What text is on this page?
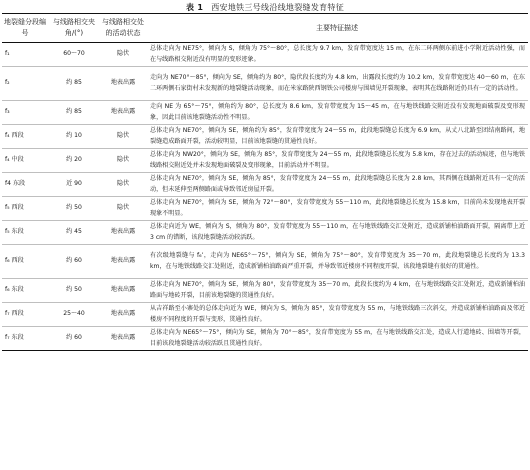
表 1 西安地铁三号线沿线地裂缝发育特征
地裂缝分段编号	与线路相交夹角/(°)	与线路相交处的活动状态	主要特征描述
f₁	60～70	隐伏	总体走向为 NE75°，倾向为 S，倾角为 75°～80°，总长度为 9.7 km，发育带宽度达 15 m，在东二环两侧东前进小学附近活动性强，而在与线路相交附近没有明显的变形迹象。
f₂	约 85	地表出露	走向为 NE70°～85°，倾向为 SE，倾角约为 80°，隐伏段长度约为 4.8 km，出露段长度约为 10.2 km，发育带宽度达 40～60 m，在东二环两侧石家街村未发现新的地裂缝活动现象，而在米家路陕西钢铁公司楼房与围墙见开裂现象，表明其在线路附近仍具有一定的活动性。
f₃	约 85	地表出露	走向 NE 为 65°～75°，倾角约为 80°，总长度为 8.6 km，发育带宽度为 15～45 m，在与地铁线路交附近没有发现地面破裂及变形现象，因此目前该地裂缝活动性不明显。
f₄ 西段	约 10	隐伏	总体走向为 NE70°，倾向为 SE，倾角约为 85°，发育带宽度为 24～55 m，此段地裂缝总长度为 6.9 km，从丈八北路至团结南路间，地裂缝造成路面开裂，活动较明显，目前该地裂缝的贯通性良好。
f₄ 中段	约 20	隐伏	总体走向为 NW20°，倾向为 SE，倾角为 85°，发育带宽度为 24～55 m，此段地裂缝总长度为 5.8 km，存在过去的活动痕迹，但与地铁线路相交附近处并未发现地面破裂及变形现象，目前活动并不明显。
f4 东段	近 90	隐伏	总体走向为 NE70°，倾向为 SE，倾角为 85°，发育带宽度为 24～55 m，此段地裂缝总长度为 2.8 km，其西侧在线路附近具有一定的活动，但未延伸至两侧路面或导致邻近房屋开裂。
f₅ 西段	约 50	隐伏	总体走向为 NE70°，倾向为 SE，倾角为 72°～80°，发育带宽度为 55～110 m，此段地裂缝总长度为 15.8 km，目前尚未发现地表开裂现象不明显。
f₅ 东段	约 45	地表出露	总体走向近为 WE，倾向为 S，倾角为 80°，发育带宽度为 55～110 m，在与地铁线路交汇处附近，造成新铺柏油路面开裂，隔离带上近 3 cm 的错断，该段地裂缝活动较活跃。
f₆ 西段	约 60	地表出露	有次级地裂缝与 f₆’，走向为 NE65°～75°，倾向为 SE，倾角为 75°～80°，发育带宽度为 35～70 m，此段地裂缝总长度约为 13.3 km，在与地铁线路交汇处附近，造成新铺柏油路面严重开裂，并导致邻近楼房不同程度开裂，该段地裂缝有很好的贯通性。
f₆ 东段	约 50	地表出露	总体走向为 NE70°，倾向为 SE，倾角为 80°，发育带宽度为 35～70 m，此段长度约为 4 km，在与地铁线路交汇处附近，造成新铺柏油路面与地砖开裂，目前该地裂缝的贯通性良好。
f₇ 西段	25～40	地表出露	从吉祥路至小寨处的总体走向近为 WE，倾向为 S，倾角为 85°，发育带宽度为 55 m，与地铁线路三次斜交，并造成新铺柏油路面及邻近楼房不同程度的开裂与变形，贯通性良好。
f₇ 东段	约 60	地表出露	总体走向为 NE65°～75°，倾向为 SE，倾角为 70°～85°，发育带宽度为 55 m，在与地铁线路交汇处，造成人行道地砖、围墙等开裂，目前该段地裂缝活动较活跃且贯通性良好。
